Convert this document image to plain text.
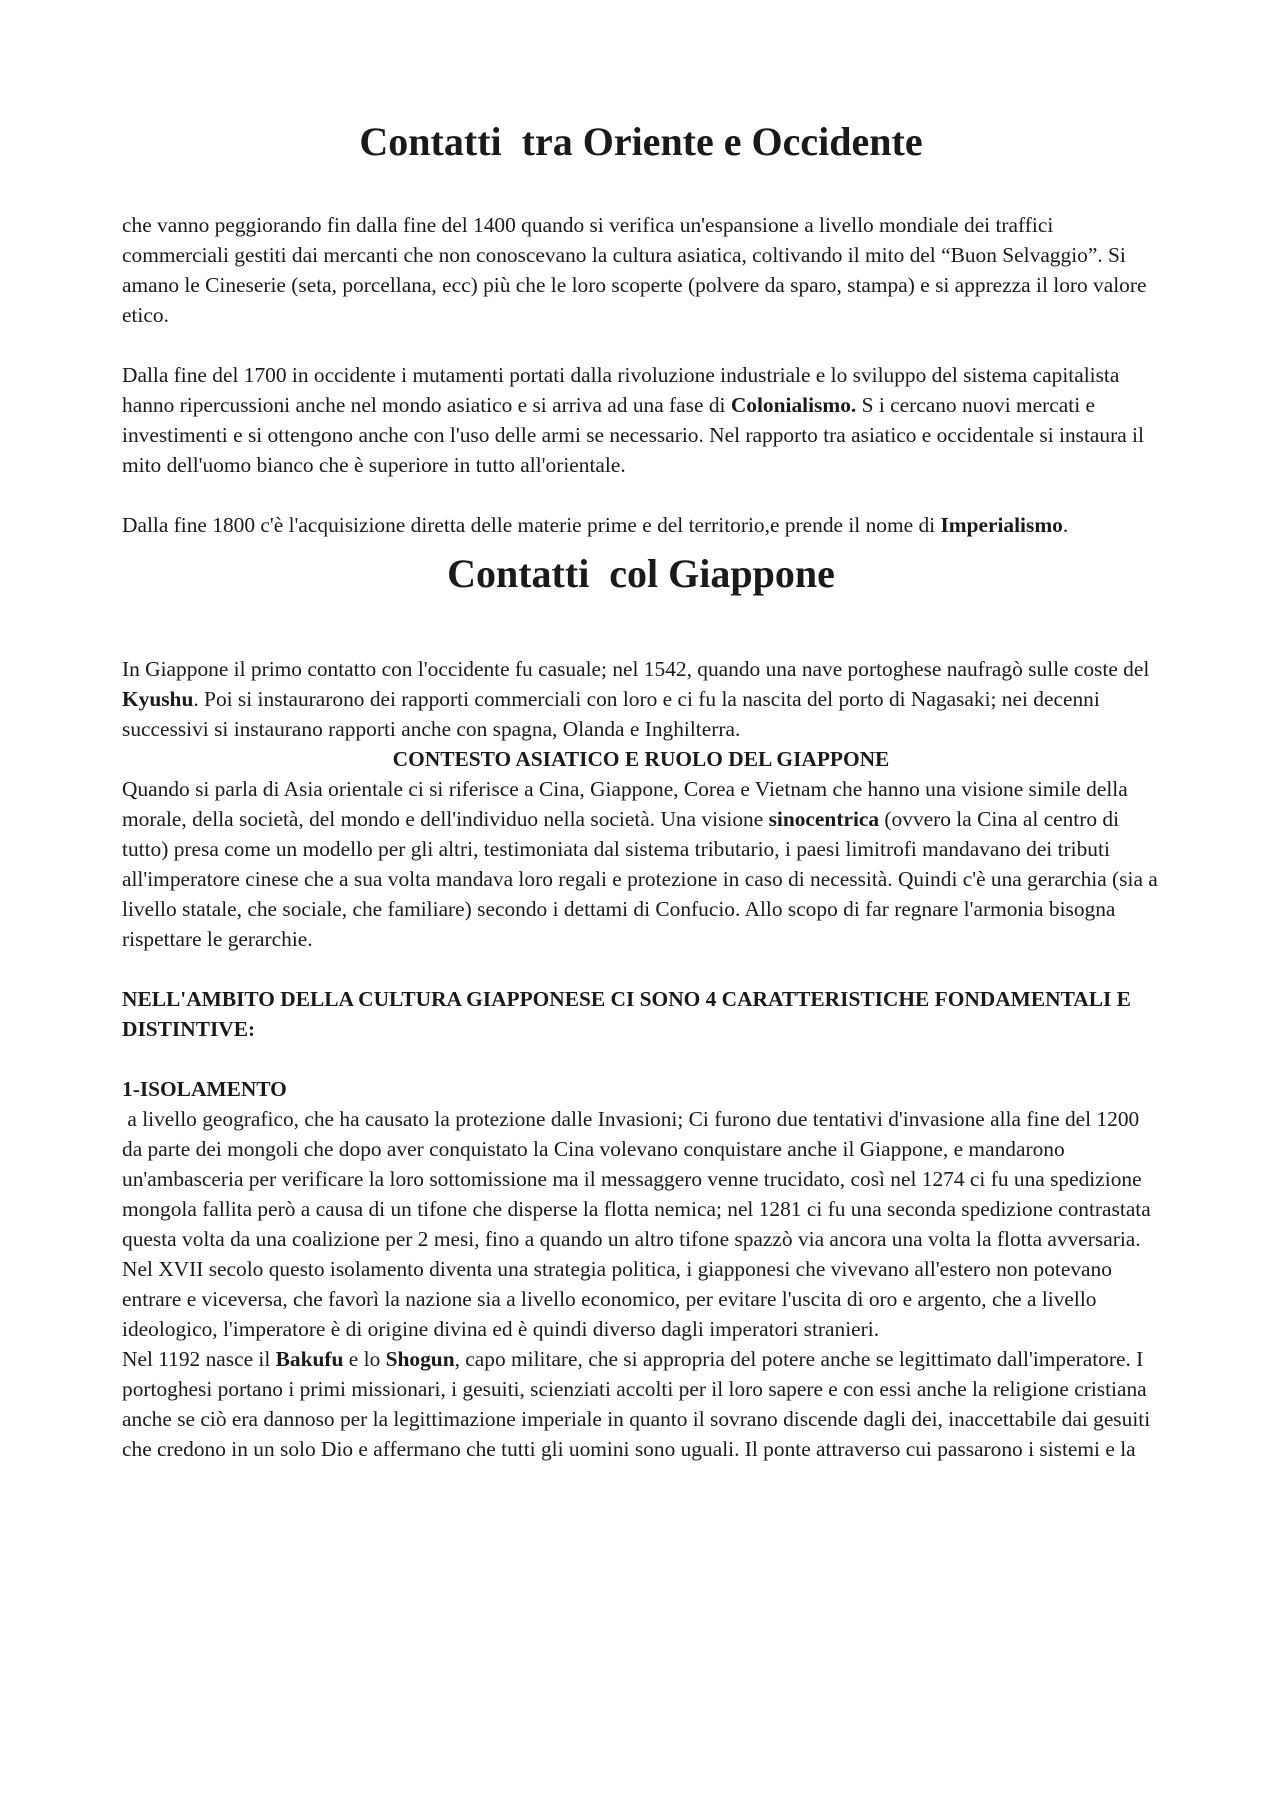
Contatti  tra Oriente e Occidente

che vanno peggiorando fin dalla fine del 1400 quando si verifica un'espansione a livello mondiale dei traffici commerciali gestiti dai mercanti che non conoscevano la cultura asiatica, coltivando il mito del “Buon Selvaggio”. Si amano le Cineserie (seta, porcellana, ecc) più che le loro scoperte (polvere da sparo, stampa) e si apprezza il loro valore etico.

Dalla fine del 1700 in occidente i mutamenti portati dalla rivoluzione industriale e lo sviluppo del sistema capitalista hanno ripercussioni anche nel mondo asiatico e si arriva ad una fase di Colonialismo. S i cercano nuovi mercati e investimenti e si ottengono anche con l'uso delle armi se necessario. Nel rapporto tra asiatico e occidentale si instaura il mito dell'uomo bianco che è superiore in tutto all'orientale.

Dalla fine 1800 c'è l'acquisizione diretta delle materie prime e del territorio,e prende il nome di Imperialismo.

Contatti  col Giappone

In Giappone il primo contatto con l'occidente fu casuale; nel 1542, quando una nave portoghese naufragò sulle coste del Kyushu. Poi si instaurarono dei rapporti commerciali con loro e ci fu la nascita del porto di Nagasaki; nei decenni successivi si instaurano rapporti anche con spagna, Olanda e Inghilterra.

CONTESTO ASIATICO E RUOLO DEL GIAPPONE

Quando si parla di Asia orientale ci si riferisce a Cina, Giappone, Corea e Vietnam che hanno una visione simile della morale, della società, del mondo e dell'individuo nella società. Una visione sinocentrica (ovvero la Cina al centro di tutto) presa come un modello per gli altri, testimoniata dal sistema tributario, i paesi limitrofi mandavano dei tributi all'imperatore cinese che a sua volta mandava loro regali e protezione in caso di necessità. Quindi c'è una gerarchia (sia a livello statale, che sociale, che familiare) secondo i dettami di Confucio. Allo scopo di far regnare l'armonia bisogna rispettare le gerarchie.

NELL'AMBITO DELLA CULTURA GIAPPONESE CI SONO 4 CARATTERISTICHE FONDAMENTALI E DISTINTIVE:

1-ISOLAMENTO

a livello geografico, che ha causato la protezione dalle Invasioni; Ci furono due tentativi d'invasione alla fine del 1200 da parte dei mongoli che dopo aver conquistato la Cina volevano conquistare anche il Giappone, e mandarono un'ambasceria per verificare la loro sottomissione ma il messaggero venne trucidato, così nel 1274 ci fu una spedizione mongola fallita però a causa di un tifone che disperse la flotta nemica; nel 1281 ci fu una seconda spedizione contrastata questa volta da una coalizione per 2 mesi, fino a quando un altro tifone spazzò via ancora una volta la flotta avversaria.

Nel XVII secolo questo isolamento diventa una strategia politica, i giapponesi che vivevano all'estero non potevano entrare e viceversa, che favorì la nazione sia a livello economico, per evitare l'uscita di oro e argento, che a livello ideologico, l'imperatore è di origine divina ed è quindi diverso dagli imperatori stranieri.

Nel 1192 nasce il Bakufu e lo Shogun, capo militare, che si appropria del potere anche se legittimato dall'imperatore. I portoghesi portano i primi missionari, i gesuiti, scienziati accolti per il loro sapere e con essi anche la religione cristiana anche se ciò era dannoso per la legittimazione imperiale in quanto il sovrano discende dagli dei, inaccettabile dai gesuiti che credono in un solo Dio e affermano che tutti gli uomini sono uguali. Il ponte attraverso cui passarono i sistemi e la
